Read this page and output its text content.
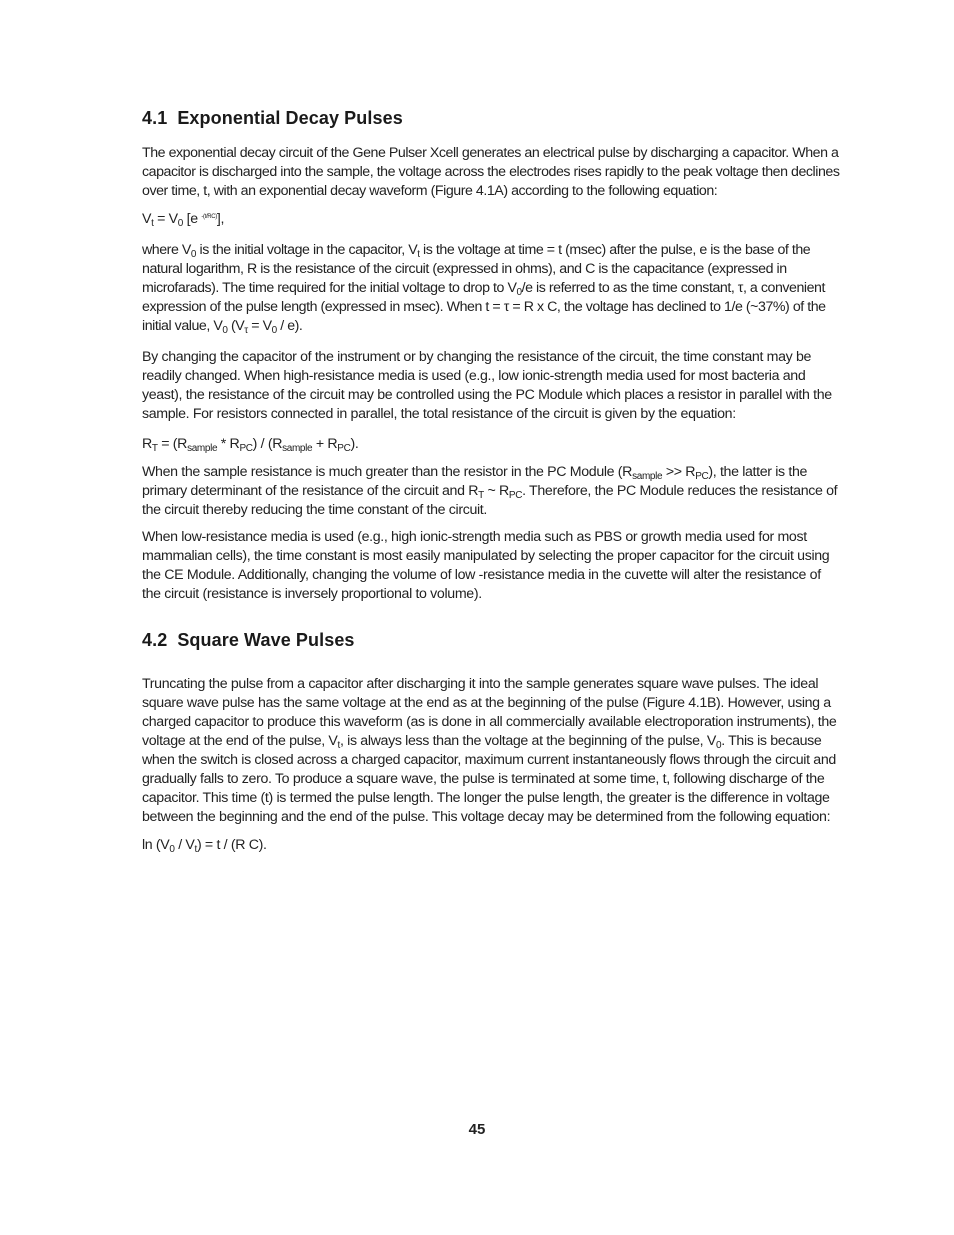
4.1 Exponential Decay Pulses

The exponential decay circuit of the Gene Pulser Xcell generates an electrical pulse by discharging a capacitor. When a capacitor is discharged into the sample, the voltage across the electrodes rises rapidly to the peak voltage then declines over time, t, with an exponential decay waveform (Figure 4.1A) according to the following equation:

$V_t = V_0$ [e $^{-(t/RC)}$],

where $V_0$ is the initial voltage in the capacitor, $V_t$ is the voltage at time = t (msec) after the pulse, e is the base of the natural logarithm, R is the resistance of the circuit (expressed in ohms), and C is the capacitance (expressed in microfarads). The time required for the initial voltage to drop to $V_0/e$ is referred to as the time constant, τ, a convenient expression of the pulse length (expressed in msec). When t = τ = R x C, the voltage has declined to 1/e (~37%) of the initial value, $V_0$ $(V_\tau = V_0 / e)$.

By changing the capacitor of the instrument or by changing the resistance of the circuit, the time constant may be readily changed. When high-resistance media is used (e.g., low ionic-strength media used for most bacteria and yeast), the resistance of the circuit may be controlled using the PC Module which places a resistor in parallel with the sample. For resistors connected in parallel, the total resistance of the circuit is given by the equation:

$R_T = (R_{sample} * R_{PC}) / (R_{sample} + R_{PC})$.

When the sample resistance is much greater than the resistor in the PC Module $(R_{sample} >> R_{PC})$, the latter is the primary determinant of the resistance of the circuit and $R_T$ ~ $R_{PC}$. Therefore, the PC Module reduces the resistance of the circuit thereby reducing the time constant of the circuit.

When low-resistance media is used (e.g., high ionic-strength media such as PBS or growth media used for most mammalian cells), the time constant is most easily manipulated by selecting the proper capacitor for the circuit using the CE Module. Additionally, changing the volume of low -resistance media in the cuvette will alter the resistance of the circuit (resistance is inversely proportional to volume).

4.2 Square Wave Pulses

Truncating the pulse from a capacitor after discharging it into the sample generates square wave pulses. The ideal square wave pulse has the same voltage at the end as at the beginning of the pulse (Figure 4.1B). However, using a charged capacitor to produce this waveform (as is done in all commercially available electroporation instruments), the voltage at the end of the pulse, $V_t$, is always less than the voltage at the beginning of the pulse, $V_0$. This is because when the switch is closed across a charged capacitor, maximum current instantaneously flows through the circuit and gradually falls to zero. To produce a square wave, the pulse is terminated at some time, t, following discharge of the capacitor. This time (t) is termed the pulse length. The longer the pulse length, the greater is the difference in voltage between the beginning and the end of the pulse. This voltage decay may be determined from the following equation:

$\ln (V_0 / V_t) = t / (R$ C).

45
